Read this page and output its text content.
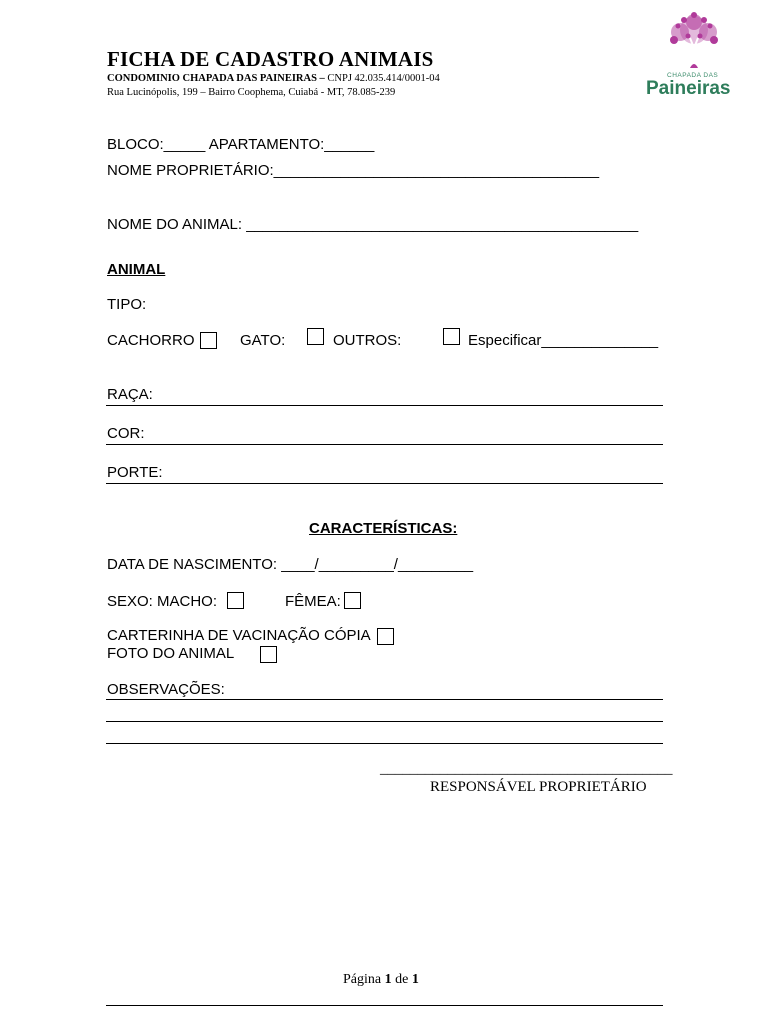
FICHA DE CADASTRO ANIMAIS
CONDOMINIO CHAPADA DAS PAINEIRAS – CNPJ 42.035.414/0001-04
Rua Lucinópolis, 199 – Bairro Coophema, Cuiabá - MT, 78.085-239
CHAPADA DAS
Paineiras
BLOCO:_____ APARTAMENTO:______
NOME PROPRIETÁRIO:_______________________________________
NOME DO ANIMAL: _______________________________________________
ANIMAL
TIPO:
CACHORRO	GATO:	OUTROS:	Especificar______________
RAÇA:
COR:
PORTE:
CARACTERÍSTICAS:
DATA DE NASCIMENTO: ____/_________/_________
SEXO: MACHO:	FÊMEA:
CARTERINHA DE VACINAÇÃO CÓPIA
FOTO DO ANIMAL
OBSERVAÇÕES:
_______________________________________
RESPONSÁVEL PROPRIETÁRIO
Página 1 de 1
